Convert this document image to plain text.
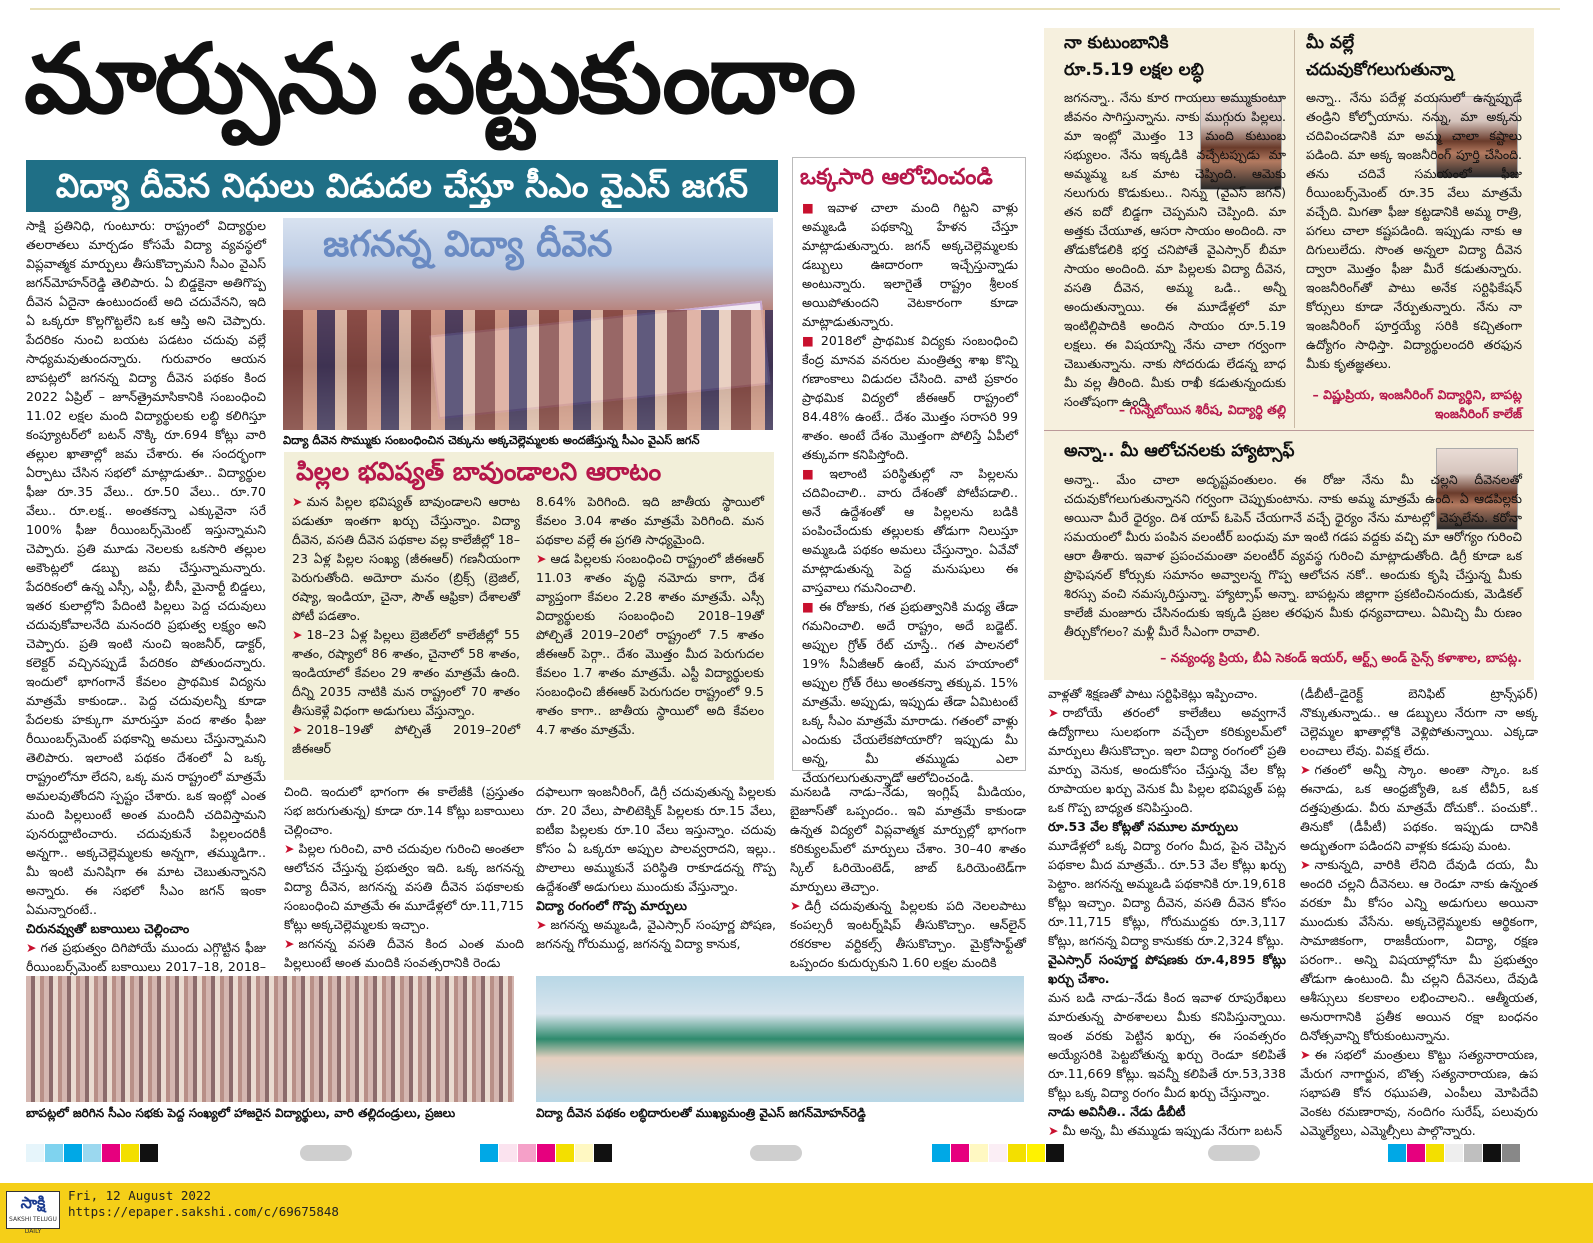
మార్పును పట్టుకుందాం
విద్యా దీవెన నిధులు విడుదల చేస్తూ సీఎం వైఎస్ జగన్

సాక్షి ప్రతినిధి, గుంటూరు: రాష్ట్రంలో విద్యార్థుల తలరాతలు మార్చడం కోసమే విద్యా వ్యవస్థలో విప్లవాత్మక మార్పులు తీసుకొచ్చామని సీఎం వైఎస్ జగన్‌మోహన్‌రెడ్డి తెలిపారు. ఏ బిడ్డకైనా అతిగొప్ప దీవెన ఏదైనా ఉంటుందంటే అది చదువేనని, ఇది ఏ ఒక్కరూ కొల్లగొట్టలేని ఒక ఆస్తి అని చెప్పారు. పేదరికం నుంచి బయట పడటం చదువు వల్లే సాధ్యమవుతుందన్నారు. గురువారం ఆయన బాపట్లలో జగనన్న విద్యా దీవెన పథకం కింద 2022 ఏప్రిల్ – జూన్‌త్రైమాసికానికి సంబంధించి 11.02 లక్షల మంది విద్యార్థులకు లబ్ధి కలిగిస్తూ కంప్యూటర్‌లో బటన్ నొక్కి రూ.694 కోట్లు వారి తల్లుల ఖాతాల్లో జమ చేశారు. ఈ సందర్భంగా ఏర్పాటు చేసిన సభలో మాట్లాడుతూ.. విద్యార్థుల ఫీజు రూ.35 వేలు.. రూ.50 వేలు.. రూ.70 వేలు.. రూ.లక్ష.. అంతకన్నా ఎక్కువైనా సరే 100% ఫీజు రీయింబర్స్‌మెంట్ ఇస్తున్నామని చెప్పారు. ప్రతి మూడు నెలలకు ఒకసారి తల్లుల అకౌంట్లలో డబ్బు జమ చేస్తున్నామన్నారు. పేదరికంలో ఉన్న ఎస్సీ, ఎస్టీ, బీసీ, మైనార్టీ బిడ్డలు, ఇతర కులాల్లోని పేదింటి పిల్లలు పెద్ద చదువులు చదువుకోవాలనేది మనందరి ప్రభుత్వ లక్ష్యం అని చెప్పారు. ప్రతి ఇంటి నుంచి ఇంజనీర్, డాక్టర్, కలెక్టర్ వచ్చినప్పుడే పేదరికం పోతుందన్నారు. ఇందులో భాగంగానే కేవలం ప్రాథమిక విద్యను మాత్రమే కాకుండా.. పెద్ద చదువులన్నీ కూడా పేదలకు హక్కుగా మారుస్తూ వంద శాతం ఫీజు రీయింబర్స్‌మెంట్ పథకాన్ని అమలు చేస్తున్నామని తెలిపారు. ఇలాంటి పథకం దేశంలో ఏ ఒక్క రాష్ట్రంలోనూ లేదని, ఒక్క మన రాష్ట్రంలో మాత్రమే అమలవుతోందని స్పష్టం చేశారు. ఒక ఇంట్లో ఎంత మంది పిల్లలుంటే అంత మందినీ చదివిస్తామని పునరుద్ఘాటించారు. చదువుకునే పిల్లలందరికీ అన్నగా.. అక్కచెల్లెమ్మలకు అన్నగా, తమ్ముడిగా.. మీ ఇంటి మనిషిగా ఈ మాట చెబుతున్నానని అన్నారు. ఈ సభలో సీఎం జగన్ ఇంకా ఏమన్నారంటే..

చిరునవ్వుతో బకాయిలు చెల్లించాం

➤ గత ప్రభుత్వం దిగిపోయే ముందు ఎగ్గొట్టిన ఫీజు రీయింబర్స్‌మెంట్ బకాయిలు 2017–18, 2018–

జగనన్న విద్యా దీవెన
విద్యా దీవెన సొమ్ముకు సంబంధించిన చెక్కును అక్కచెల్లెమ్మలకు అందజేస్తున్న సీఎం వైఎస్ జగన్
పిల్లల భవిష్యత్ బావుండాలని ఆరాటం

➤ మన పిల్లల భవిష్యత్ బావుండాలని ఆరాట పడుతూ ఇంతగా ఖర్చు చేస్తున్నాం. విద్యా దీవెన, వసతి దీవెన పథకాల వల్ల కాలేజీల్లో 18–23 ఏళ్ల పిల్లల సంఖ్య (జీఈఆర్) గణనీయంగా పెరుగుతోంది. అదెూరా మనం (బ్రిక్స్ (బ్రెజిల్, రష్యా, ఇండియా, చైనా, సౌత్ ఆఫ్రికా) దేశాలతో పోటీ పడతాం.

➤ 18–23 ఏళ్ల పిల్లలు బ్రెజిల్‌లో కాలేజీల్లో 55 శాతం, రష్యాలో 86 శాతం, చైనాలో 58 శాతం, ఇండియాలో కేవలం 29 శాతం మాత్రమే ఉంది. దీన్ని 2035 నాటికి మన రాష్ట్రంలో 70 శాతం తీసుకెళ్లే విధంగా అడుగులు వేస్తున్నాం.

➤ 2018–19తో పోల్చితే 2019–20లో జీఈఆర్

8.64% పెరిగింది. ఇది జాతీయ స్థాయిలో కేవలం 3.04 శాతం మాత్రమే పెరిగింది. మన పథకాల వల్లే ఈ ప్రగతి సాధ్యమైంది.

➤ ఆడ పిల్లలకు సంబంధించి రాష్ట్రంలో జీఈఆర్ 11.03 శాతం వృద్ధి నమోదు కాగా, దేశ వ్యాప్తంగా కేవలం 2.28 శాతం మాత్రమే. ఎస్సీ విద్యార్థులకు సంబంధించి 2018–19తో పోల్చితే 2019–20లో రాష్ట్రంలో 7.5 శాతం జీఈఆర్ పెర్గా.. దేశం మొత్తం మీద పెరుగుదల కేవలం 1.7 శాతం మాత్రమే. ఎస్టీ విద్యార్థులకు సంబంధించి జీఈఆర్ పెరుగుదల రాష్ట్రంలో 9.5 శాతం కాగా.. జాతీయ స్థాయిలో అది కేవలం 4.7 శాతం మాత్రమే.

ఒక్కసారి ఆలోచించండి

■ ఇవాళ చాలా మంది గిట్టని వాళ్లు అమ్మఒడి పథకాన్ని హేళన చేస్తూ మాట్లాడుతున్నారు. జగన్ అక్కచెల్లెమ్మలకు డబ్బులు ఊదారంగా ఇచ్చేస్తున్నాడు అంటున్నారు. ఇలాగైతే రాష్ట్రం శ్రీలంక అయిపోతుందని వెటకారంగా కూడా మాట్లాడుతున్నారు.

■ 2018లో ప్రాథమిక విద్యకు సంబంధించి కేంద్ర మానవ వనరుల మంత్రిత్వ శాఖ కొన్ని గణాంకాలు విడుదల చేసింది. వాటి ప్రకారం ప్రాథమిక విద్యలో జీఈఆర్ రాష్ట్రంలో 84.48% ఉంటే.. దేశం మొత్తం సరాసరి 99 శాతం. అంటే దేశం మొత్తంగా పోలిస్తే ఏపీలో తక్కువగా కనిపిస్తోంది.

■ ఇలాంటి పరిస్థితుల్లో నా పిల్లలను చదివించాలి.. వారు దేశంతో పోటీపడాలి.. అనే ఉద్దేశంతో ఆ పిల్లలను బడికి పంపించేందుకు తల్లులకు తోడుగా నిలుస్తూ అమ్మఒడి పథకం అమలు చేస్తున్నాం. ఏవేవో మాట్లాడుతున్న పెద్ద మనుషులు ఈ వాస్తవాలు గమనించాలి.

■ ఈ రోజుకు, గత ప్రభుత్వానికి మధ్య తేడా గమనించాలి. అదే రాష్ట్రం, అదే బడ్జెట్. అప్పుల గ్రోత్ రేట్ చూస్తే.. గత పాలనలో 19% సీఏజీఆర్ ఉంటే, మన హయాంలో అప్పుల గ్రోత్ రేటు అంతకన్నా తక్కువ. 15% మాత్రమే. అప్పుడు, ఇప్పుడు తేడా ఏమిటంటే ఒక్క సీఎం మాత్రమే మారాడు. గతంలో వాళ్లు ఎందుకు చేయలేకపోయారో? ఇప్పుడు మీ అన్న, మీ తమ్ముడు ఎలా చేయగలుగుతున్నాడో ఆలోచించండి.

చింది. ఇందులో భాగంగా ఈ కాలేజీకి (ప్రస్తుతం సభ జరుగుతున్న) కూడా రూ.14 కోట్లు బకాయిలు చెల్లించాం.

➤ పిల్లల గురించి, వారి చదువుల గురించి అంతలా ఆలోచన చేస్తున్న ప్రభుత్వం ఇది. ఒక్క జగనన్న విద్యా దీవెన, జగనన్న వసతి దీవెన పథకాలకు సంబంధించి మాత్రమే ఈ మూడేళ్లలో రూ.11,715 కోట్లు అక్కచెల్లెమ్మలకు ఇచ్చాం.

➤ జగనన్న వసతి దీవెన కింద ఎంత మంది పిల్లలుంటే అంత మందికి సంవత్సరానికి రెండు

దఫాలుగా ఇంజనీరింగ్, డిగ్రీ చదువుతున్న పిల్లలకు రూ. 20 వేలు, పాలిటెక్నిక్ పిల్లలకు రూ.15 వేలు, ఐటీఐ పిల్లలకు రూ.10 వేలు ఇస్తున్నాం. చదువు కోసం ఏ ఒక్కరూ అప్పుల పాలవ్వరాదని, ఇల్లు.. పొలాలు అమ్ముకునే పరిస్థితి రాకూడదన్న గొప్ప ఉద్దేశంతో అడుగులు ముందుకు వేస్తున్నాం.

విద్యా రంగంలో గొప్ప మార్పులు

➤ జగనన్న అమ్మఒడి, వైఎస్సార్ సంపూర్ణ పోషణ, జగనన్న గోరుముద్ద, జగనన్న విద్యా కానుక,

మనబడి నాడు–నేడు, ఇంగ్లిష్ మీడియం, బైజూస్‌తో ఒప్పందం.. ఇవి మాత్రమే కాకుండా ఉన్నత విద్యలో విప్లవాత్మక మార్పుల్లో భాగంగా కరిక్యులమ్‌లో మార్పులు చేశాం. 30–40 శాతం స్కిల్ ఓరియెంటెడ్, జాబ్ ఓరియెంటెడ్‌గా మార్పులు తెచ్చాం.

➤ డిగ్రీ చదువుతున్న పిల్లలకు పది నెలలపాటు కంపల్సరీ ఇంటర్న్‌షిప్ తీసుకొచ్చాం. ఆన్‌లైన్ రకరకాల వర్టికల్స్ తీసుకొచ్చాం. మైక్రోసాఫ్ట్‌తో ఒప్పందం కుదుర్చుకుని 1.60 లక్షల మందికి

బాపట్లలో జరిగిన సీఎం సభకు పెద్ద సంఖ్యలో హాజరైన విద్యార్థులు, వారి తల్లిదండ్రులు, ప్రజలు	విద్యా దీవెన పథకం లబ్ధిదారులతో ముఖ్యమంత్రి వైఎస్ జగన్‌మోహన్‌రెడ్డి
నా కుటుంబానికి రూ.5.19 లక్షల లబ్ధి

జగనన్నా.. నేను కూర గాయలు అమ్ముకుంటూ జీవనం సాగిస్తున్నాను. నాకు ముగ్గురు పిల్లలు. మా ఇంట్లో మొత్తం 13 మంది కుటుంబ సభ్యులం. నేను ఇక్కడికి వచ్చేటప్పుడు మా అమ్మమ్మ ఒక మాట చెప్పింది. ఆమెకు నలుగురు కొడుకులు.. నిన్ను (వైఎస్ జగన్) తన ఐదో బిడ్డగా చెప్పమని చెప్పింది. మా అత్తకు చేయూత, ఆసరా సాయం అందింది. నా తోడుకోడలికి భర్త చనిపోతే వైఎస్సార్ బీమా సాయం అందింది. మా పిల్లలకు విద్యా దీవెన, వసతి దీవెన, అమ్మ ఒడి.. అన్నీ అందుతున్నాయి. ఈ మూడేళ్లలో మా ఇంటిల్లిపాదికి అందిన సాయం రూ.5.19 లక్షలు. ఈ విషయాన్ని నేను చాలా గర్వంగా చెబుతున్నాను. నాకు సోదరుడు లేడన్న బాధ మీ వల్ల తీరింది. మీకు రాఖీ కడుతున్నందుకు సంతోషంగా ఉంది.

– గున్నేబోయిన శిరీష, విద్యార్థి తల్లి
మీ వల్లే చదువుకోగలుగుతున్నా

అన్నా.. నేను పదేళ్ల వయసులో ఉన్నప్పుడే తండ్రిని కోల్పోయాను. నన్ను, మా అక్కను చదివించడానికి మా అమ్మ చాలా కష్టాలు పడింది. మా అక్క ఇంజనీరింగ్ పూర్తి చేసింది. తను చదివే సమయంలో ఫీజు రీయింబర్స్‌మెంట్ రూ.35 వేలు మాత్రమే వచ్చేది. మిగతా ఫీజు కట్టడానికి అమ్మ రాత్రి, పగలు చాలా కష్టపడింది. ఇప్పుడు నాకు ఆ దిగులులేదు. సొంత అన్నలా విద్యా దీవెన ద్వారా మొత్తం ఫీజు మీరే కడుతున్నారు. ఇంజనీరింగ్‌తో పాటు అనేక సర్టిఫికేషన్ కోర్సులు కూడా నేర్పుతున్నారు. నేను నా ఇంజనీరింగ్ పూర్తయ్యే సరికి కచ్చితంగా ఉద్యోగం సాధిస్తా. విద్యార్థులందరి తరఫున మీకు కృతజ్ఞతలు.

– విష్ణుప్రియ, ఇంజనీరింగ్ విద్యార్థిని, బాపట్ల ఇంజనీరింగ్ కాలేజ్
అన్నా.. మీ ఆలోచనలకు హ్యాట్సాఫ్

అన్నా.. మేం చాలా అదృష్టవంతులం. ఈ రోజు నేను మీ చల్లని దీవెనలతో చదువుకోగలుగుతున్నానని గర్వంగా చెప్పుకుంటాను. నాకు అమ్మ మాత్రమే ఉంది. ఏ ఆడపిల్లకు అయినా మీరే ధైర్యం. దిశ యాప్ ఓపెన్ చేయగానే వచ్చే ధైర్యం నేను మాటల్లో చెప్పలేను. కరోనా సమయంలో మీరు పంపిన వలంటీర్ బంధువు మా ఇంటి గడప వద్దకు వచ్చి మా ఆరోగ్యం గురించి ఆరా తీశారు. ఇవాళ ప్రపంచమంతా వలంటీర్ వ్యవస్థ గురించి మాట్లాడుతోంది. డిగ్రీ కూడా ఒక ప్రొఫెషనల్ కోర్సుకు సమానం అవ్వాలన్న గొప్ప ఆలోచన నకో.. అందుకు కృషి చేస్తున్న మీకు శిరస్సు వంచి నమస్కరిస్తున్నా. హ్యాట్సాఫ్ అన్నా. బాపట్లను జిల్లాగా ప్రకటించినందుకు, మెడికల్ కాలేజీ మంజూరు చేసినందుకు ఇక్కడి ప్రజల తరఫున మీకు ధన్యవాదాలు. ఏమిచ్చి మీ రుణం తీర్చుకోగలం? మళ్లీ మీరే సీఎంగా రావాలి.

– నవ్యంధ్య ప్రియ, బీఏ సెకండ్ ఇయర్, ఆర్ట్స్ అండ్ సైన్స్ కళాశాల, బాపట్ల.

వాళ్లతో శిక్షణతో పాటు సర్టిఫికెట్లు ఇప్పించాం.

➤ రాబోయే తరంలో కాలేజీలు అవ్వగానే ఉద్యోగాలు సులభంగా వచ్చేలా కరిక్యులమ్‌లో మార్పులు తీసుకొచ్చాం. ఇలా విద్యా రంగంలో ప్రతి మార్పు వెనుక, అందుకోసం చేస్తున్న వేల కోట్ల రూపాయల ఖర్చు వెనుక మీ పిల్లల భవిష్యత్ పట్ల ఒక గొప్ప బాధ్యత కనిపిస్తుంది.

రూ.53 వేల కోట్లతో సమూల మార్పులు

మూడేళ్లలో ఒక్క విద్యా రంగం మీద, పైన చెప్పిన పథకాల మీద మాత్రమే.. రూ.53 వేల కోట్లు ఖర్చు పెట్టాం. జగనన్న అమ్మఒడి పథకానికి రూ.19,618 కోట్లు ఇచ్చాం. విద్యా దీవెన, వసతి దీవెన కోసం రూ.11,715 కోట్లు, గోరుముద్దకు రూ.3,117 కోట్లు, జగనన్న విద్యా కానుకకు రూ.2,324 కోట్లు.

వైఎస్సార్ సంపూర్ణ పోషణకు రూ.4,895 కోట్లు ఖర్చు చేశాం.

మన బడి నాడు–నేడు కింద ఇవాళ రూపురేఖలు మారుతున్న పాఠశాలలు మీకు కనిపిస్తున్నాయి. ఇంత వరకు పెట్టిన ఖర్చు, ఈ సంవత్సరం అయ్యేసరికి పెట్టబోతున్న ఖర్చు రెండూ కలిపితే రూ.11,669 కోట్లు. ఇవన్నీ కలిపితే రూ.53,338 కోట్లు ఒక్క విద్యా రంగం మీద ఖర్చు చేస్తున్నాం.

నాడు అవినీతి.. నేడు డీబీటీ

➤ మీ అన్న, మీ తమ్ముడు ఇప్పుడు నేరుగా బటన్

(డీబీటీ–డైరెక్ట్ బెనిఫిట్ ట్రాన్స్‌ఫర్) నొక్కుతున్నాడు.. ఆ డబ్బులు నేరుగా నా అక్క చెల్లెమ్మల ఖాతాల్లోకి వెళ్లిపోతున్నాయి. ఎక్కడా లంచాలు లేవు. వివక్ష లేదు.

➤ గతంలో అన్నీ స్కాం. అంతా స్కాం. ఒక ఈనాడు, ఒక ఆంధ్రజ్యోతి, ఒక టీవీ5, ఒక దత్తపుత్రుడు. వీరు మాత్రమే దోచుకో.. పంచుకో.. తినుకో (డీపీటీ) పథకం. ఇప్పుడు దానికి అద్భుతంగా పడిందని వాళ్లకు కడుపు మంట.

➤ నాకున్నది, వారికి లేనిది దేవుడి దయ, మీ అందరి చల్లని దీవెనలు. ఆ రెండూ నాకు ఉన్నంత వరకూ మీ కోసం ఎన్ని అడుగులు అయినా ముందుకు వేసేను. అక్కచెల్లెమ్మలకు ఆర్థికంగా, సామాజికంగా, రాజకీయంగా, విద్యా, రక్షణ పరంగా.. అన్ని విషయాల్లోనూ మీ ప్రభుత్వం తోడుగా ఉంటుంది. మీ చల్లని దీవెనలు, దేవుడి ఆశీస్సులు కలకాలం లభించాలని.. ఆత్మీయత, అనురాగానికి ప్రతీక అయిన రక్షా బంధనం దినోత్సవాన్ని కోరుకుంటున్నాను.

➤ ఈ సభలో మంత్రులు కొట్టు సత్యనారాయణ, మేరుగ నాగార్జున, బొత్స సత్యనారాయణ, ఉప సభాపతి కోన రఘుపతి, ఎంపీలు మోపిదేవి వెంకట రమణారావు, నందిగం సురేష్, పలువురు ఎమ్మెల్యేలు, ఎమ్మెల్సీలు పాల్గొన్నారు.

సాక్షి
SAKSHI TELUGU DAILY
Fri, 12 August 2022
https://epaper.sakshi.com/c/69675848
